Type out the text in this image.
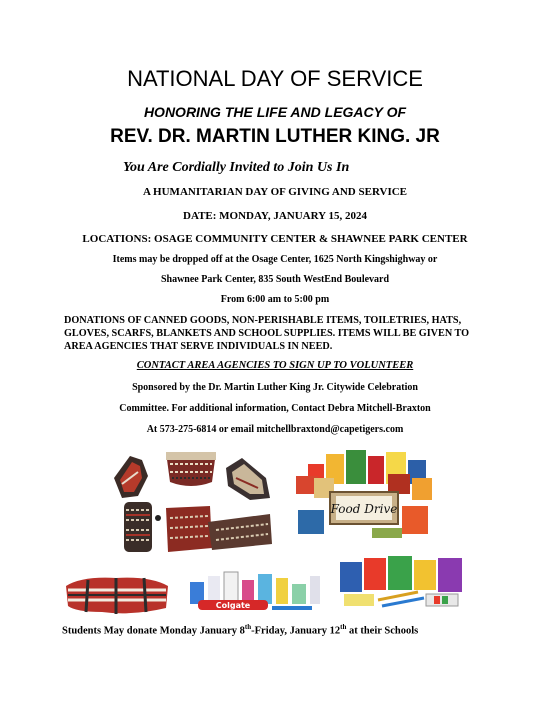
NATIONAL DAY OF SERVICE
HONORING THE LIFE AND LEGACY OF
REV. DR. MARTIN LUTHER KING. JR
You Are Cordially Invited to Join Us In
A HUMANITARIAN DAY OF GIVING AND SERVICE
DATE: MONDAY, JANUARY 15, 2024
LOCATIONS: OSAGE COMMUNITY CENTER & SHAWNEE PARK CENTER
Items may be dropped off at the Osage Center, 1625 North Kingshighway or
Shawnee Park Center, 835 South WestEnd Boulevard
From 6:00 am to 5:00 pm
DONATIONS OF CANNED GOODS, NON-PERISHABLE ITEMS, TOILETRIES, HATS, GLOVES, SCARFS, BLANKETS AND SCHOOL SUPPLIES. ITEMS WILL BE GIVEN TO AREA AGENCIES THAT SERVE INDIVIDUALS IN NEED.
CONTACT AREA AGENCIES TO SIGN UP TO VOLUNTEER
Sponsored by the Dr. Martin Luther King Jr. Citywide Celebration
Committee. For additional information, Contact Debra Mitchell-Braxton
At 573-275-6814 or email mitchellbraxtond@capetigers.com
Food Drive
Colgate
Students May donate Monday January 8th-Friday, January 12th at their Schools
